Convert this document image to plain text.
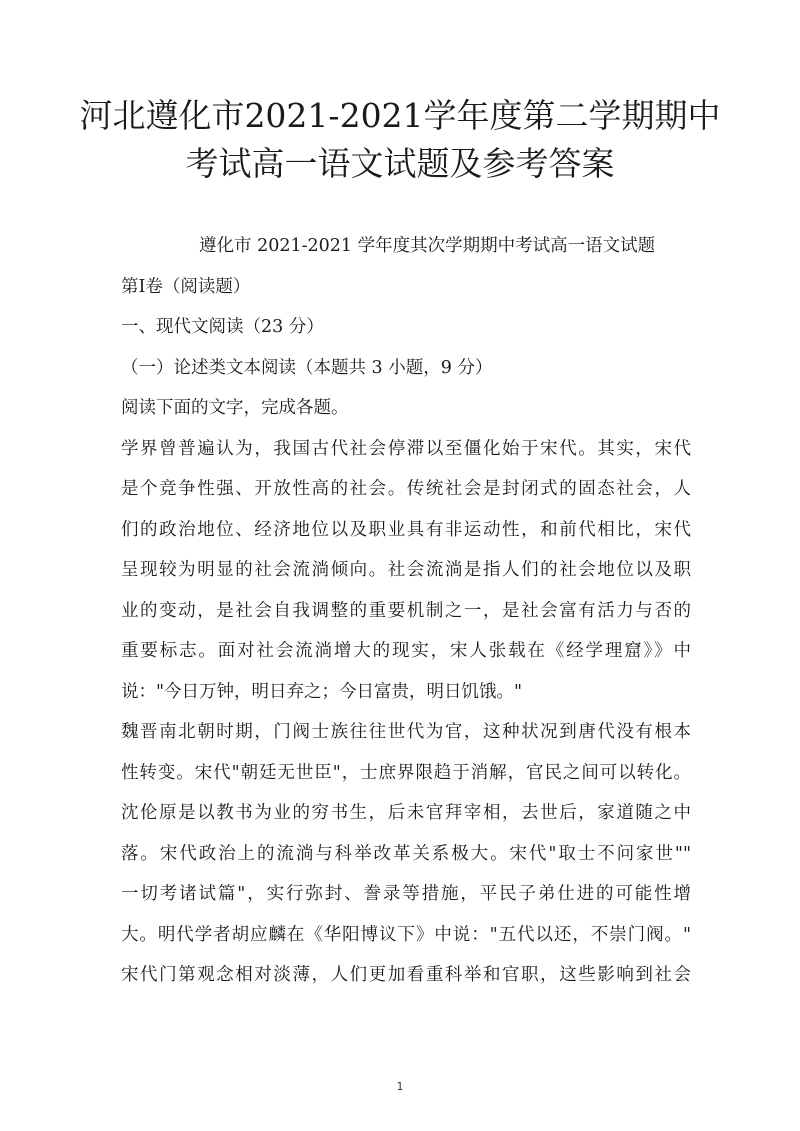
河北遵化市2021-2021学年度第二学期期中
考试高一语文试题及参考答案
遵化市 2021-2021 学年度其次学期期中考试高一语文试题
第Ⅰ卷（阅读题）
一、现代文阅读（23 分）
（一）论述类文本阅读（本题共 3 小题，9 分）
阅读下面的文字，完成各题。
学界曾普遍认为，我国古代社会停滞以至僵化始于宋代。其实，宋代
是个竞争性强、开放性高的社会。传统社会是封闭式的固态社会，人
们的政治地位、经济地位以及职业具有非运动性，和前代相比，宋代
呈现较为明显的社会流淌倾向。社会流淌是指人们的社会地位以及职
业的变动，是社会自我调整的重要机制之一，是社会富有活力与否的
重要标志。面对社会流淌增大的现实，宋人张载在《经学理窟》》中
说："今日万钟，明日弃之；今日富贵，明日饥饿。"
魏晋南北朝时期，门阀士族往往世代为官，这种状况到唐代没有根本
性转变。宋代"朝廷无世臣"，士庶界限趋于消解，官民之间可以转化。
沈伦原是以教书为业的穷书生，后未官拜宰相，去世后，家道随之中
落。宋代政治上的流淌与科举改革关系极大。宋代"取士不问家世""
一切考诸试篇"，实行弥封、誊录等措施，平民子弟仕进的可能性增
大。明代学者胡应麟在《华阳博议下》中说："五代以还，不崇门阀。"
宋代门第观念相对淡薄，人们更加看重科举和官职，这些影响到社会
1
